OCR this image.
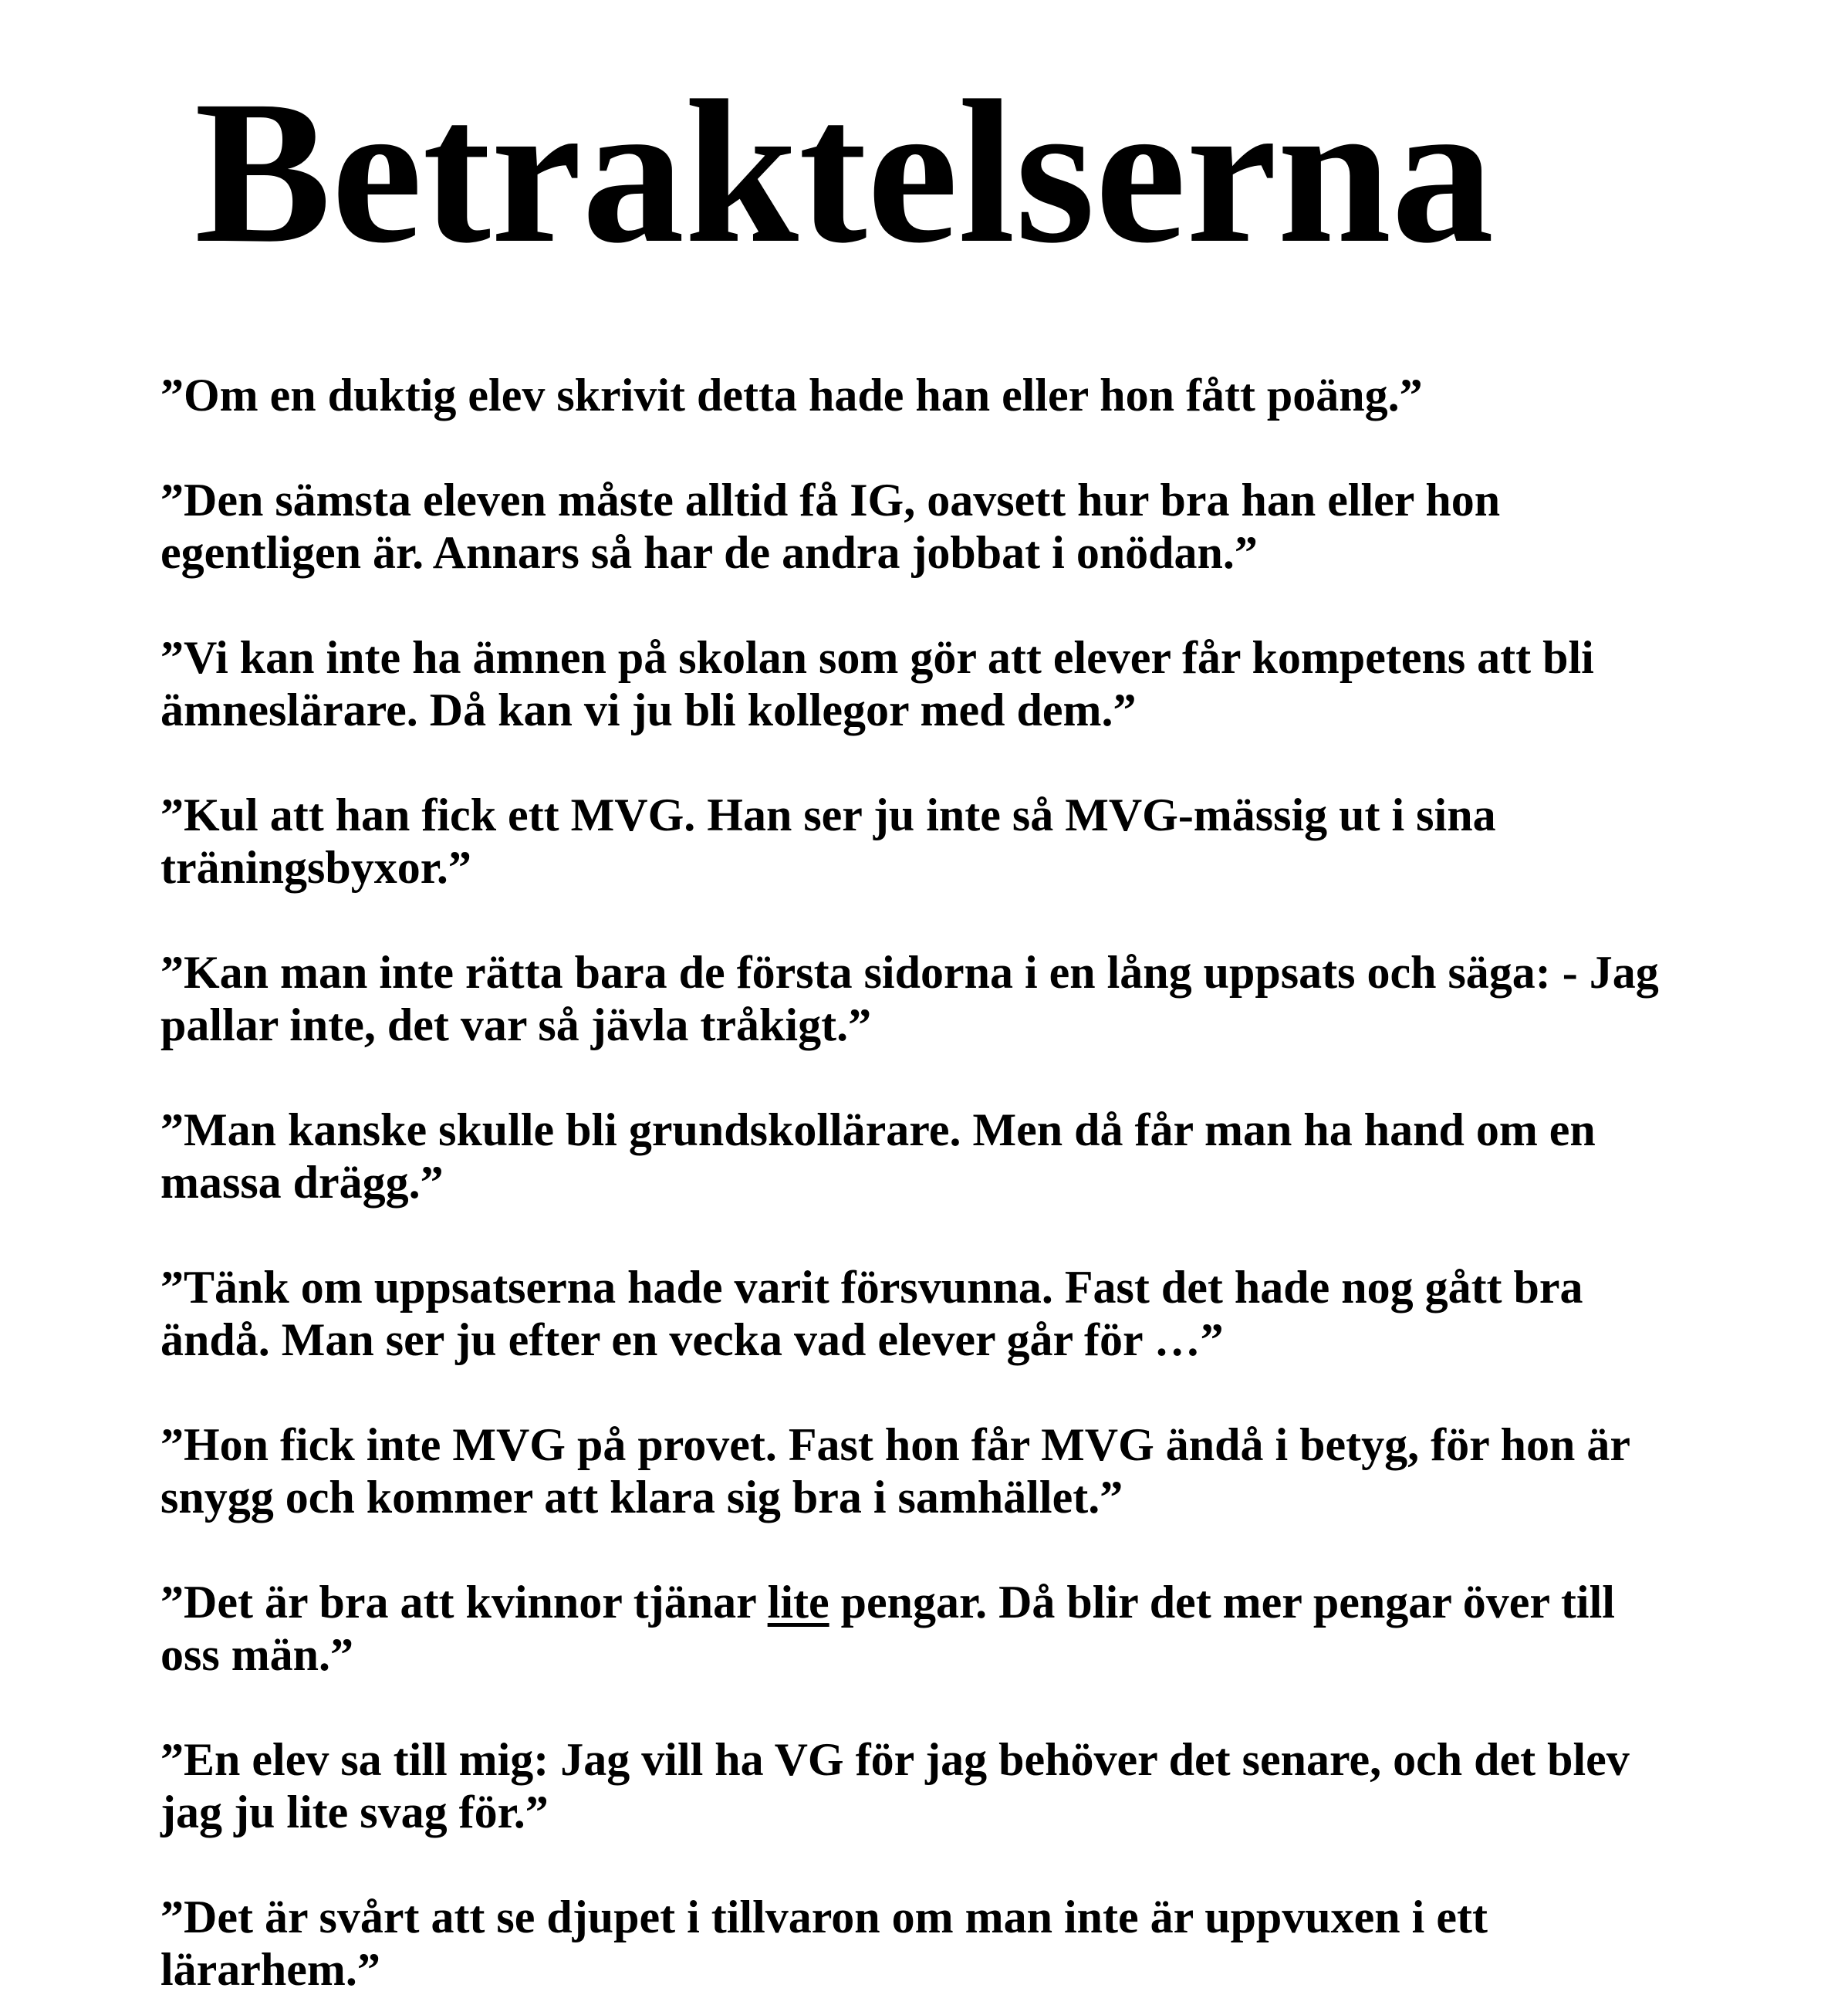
Betraktelserna
”Om en duktig elev skrivit detta hade han eller hon fått poäng.”
”Den sämsta eleven måste alltid få IG, oavsett hur bra han eller hon
egentligen är. Annars så har de andra jobbat i onödan.”
”Vi kan inte ha ämnen på skolan som gör att elever får kompetens att bli
ämneslärare. Då kan vi ju bli kollegor med dem.”
”Kul att han fick ett MVG. Han ser ju inte så MVG-mässig ut i sina
träningsbyxor.”
”Kan man inte rätta bara de första sidorna i en lång uppsats och säga: - Jag
pallar inte, det var så jävla tråkigt.”
”Man kanske skulle bli grundskollärare. Men då får man ha hand om en
massa drägg.”
”Tänk om uppsatserna hade varit försvunna. Fast det hade nog gått bra
ändå. Man ser ju efter en vecka vad elever går för …”
”Hon fick inte MVG på provet. Fast hon får MVG ändå i betyg, för hon är
snygg och kommer att klara sig bra i samhället.”
”Det är bra att kvinnor tjänar lite pengar. Då blir det mer pengar över till
oss män.”
”En elev sa till mig: Jag vill ha VG för jag behöver det senare, och det blev
jag ju lite svag för.”
”Det är svårt att se djupet i tillvaron om man inte är uppvuxen i ett
lärarhem.”
